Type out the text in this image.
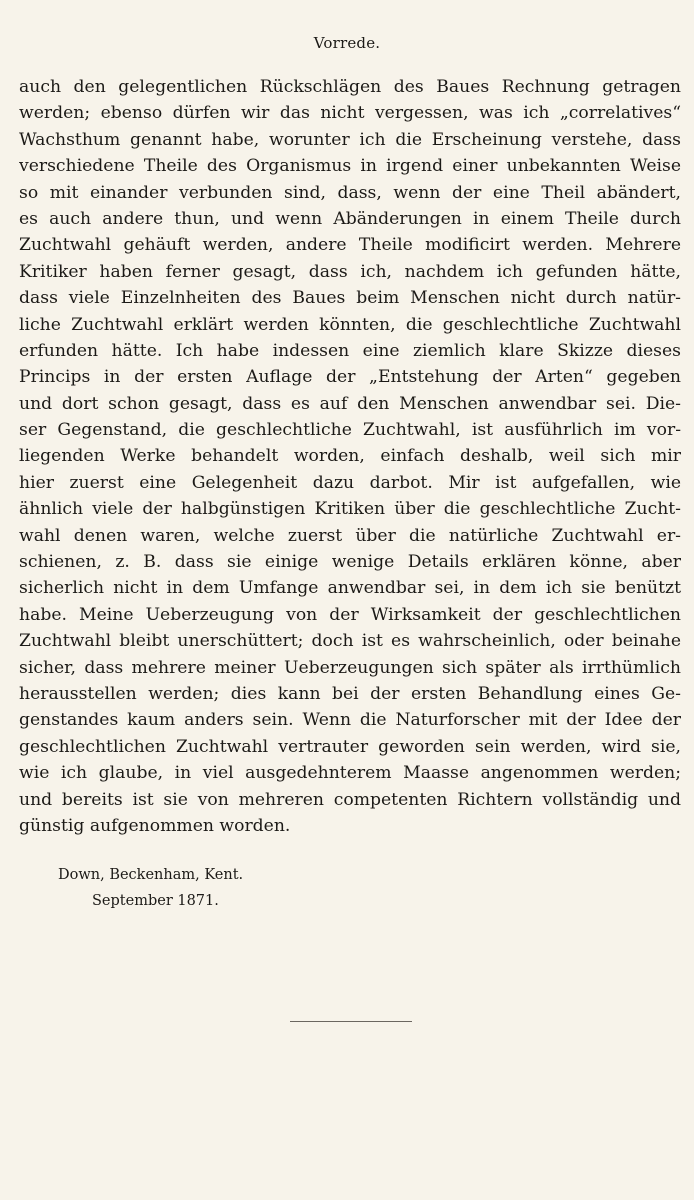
Vorrede.
auch den gelegentlichen Rückschlägen des Baues Rechnung getragen
werden; ebenso dürfen wir das nicht vergessen, was ich „correlatives“
Wachsthum genannt habe, worunter ich die Erscheinung verstehe, dass
verschiedene Theile des Organismus in irgend einer unbekannten Weise
so mit einander verbunden sind, dass, wenn der eine Theil abändert,
es auch andere thun, und wenn Abänderungen in einem Theile durch
Zuchtwahl gehäuft werden, andere Theile modificirt werden. Mehrere
Kritiker haben ferner gesagt, dass ich, nachdem ich gefunden hätte,
dass viele Einzelnheiten des Baues beim Menschen nicht durch natür-
liche Zuchtwahl erklärt werden könnten, die geschlechtliche Zuchtwahl
erfunden hätte. Ich habe indessen eine ziemlich klare Skizze dieses
Princips in der ersten Auflage der „Entstehung der Arten“ gegeben
und dort schon gesagt, dass es auf den Menschen anwendbar sei. Die-
ser Gegenstand, die geschlechtliche Zuchtwahl, ist ausführlich im vor-
liegenden Werke behandelt worden, einfach deshalb, weil sich mir
hier zuerst eine Gelegenheit dazu darbot. Mir ist aufgefallen, wie
ähnlich viele der halbgünstigen Kritiken über die geschlechtliche Zucht-
wahl denen waren, welche zuerst über die natürliche Zuchtwahl er-
schienen, z. B. dass sie einige wenige Details erklären könne, aber
sicherlich nicht in dem Umfange anwendbar sei, in dem ich sie benützt
habe. Meine Ueberzeugung von der Wirksamkeit der geschlechtlichen
Zuchtwahl bleibt unerschüttert; doch ist es wahrscheinlich, oder beinahe
sicher, dass mehrere meiner Ueberzeugungen sich später als irrthümlich
herausstellen werden; dies kann bei der ersten Behandlung eines Ge-
genstandes kaum anders sein. Wenn die Naturforscher mit der Idee der
geschlechtlichen Zuchtwahl vertrauter geworden sein werden, wird sie,
wie ich glaube, in viel ausgedehnterem Maasse angenommen werden;
und bereits ist sie von mehreren competenten Richtern vollständig und
günstig aufgenommen worden.
Down, Beckenham, Kent.
September 1871.
